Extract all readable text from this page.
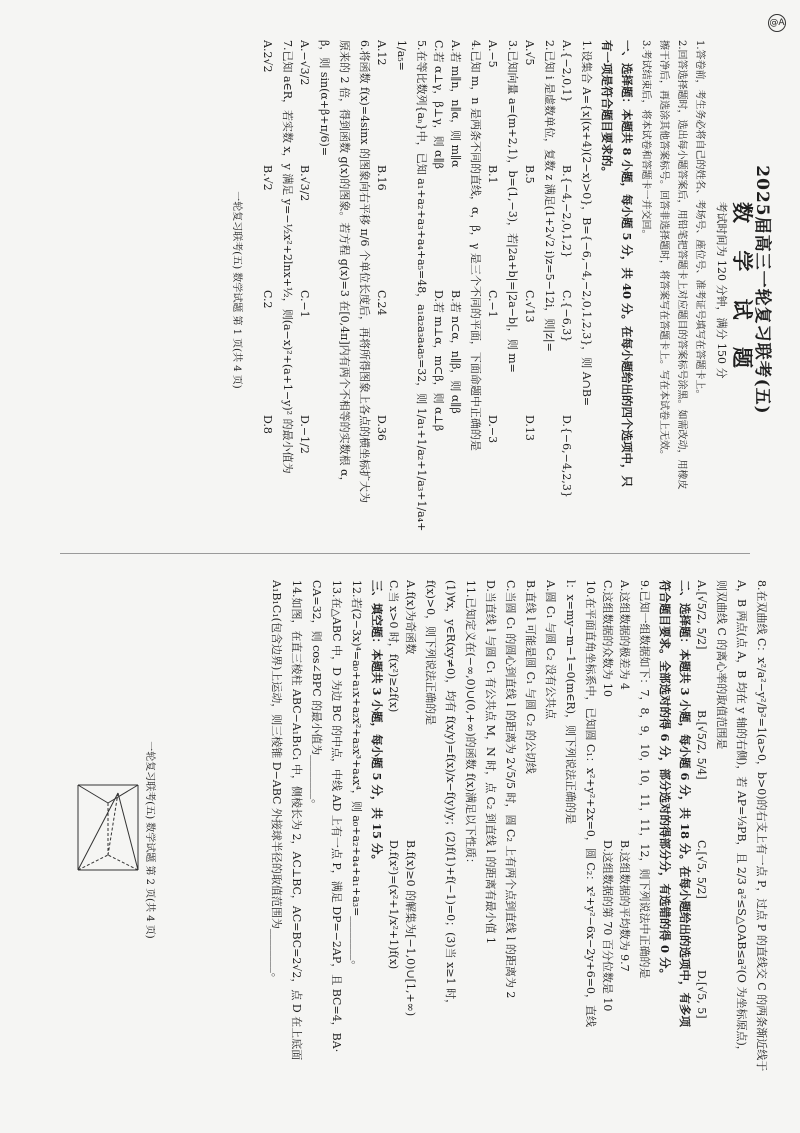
@A
2025届高三一轮复习联考(五)
数 学 试 题
考试时间为 120 分钟，满分 150 分

1.答卷前，考生务必将自己的姓名、考场号、座位号、准考证号填写在答题卡上。

2.回答选择题时，选出每小题答案后，用铅笔把答题卡上对应题目的答案标号涂黑。如需改动，用橡皮

擦干净后，再选涂其他答案标号。回答非选择题时，将答案写在答题卡上。写在本试卷上无效。

3.考试结束后，将本试卷和答题卡一并交回。

一、选择题：本题共 8 小题，每小题 5 分，共 40 分。在每小题给出的四个选项中，只

有一项是符合题目要求的。

1.设集合 A={x|(x+4)(2−x)>0}，B={−6,−4,−2,0,1,2,3}，则 A∩B=

A.{−2,0,1}
B.{−4,−2,0,1,2}
C.{−6,3}
D.{−6,−4,2,3}

2.已知 i 是虚数单位，复数 z 满足(1+2√2 i)z=5−12i，则|z|=

A.√5
B.5
C.√13
D.13

3.已知向量 a=(m+2,1)，b=(1,−3)，若|2a+b|=|2a−b|，则 m=

A.−5
B.1
C.−1
D.−3

4.已知 m，n 是两条不同的直线，α，β，γ 是三个不同的平面，下面命题中正确的是

A.若 m∥n，n∥α，则 m∥α
B.若 n⊂α，n∥β，则 α∥β
C.若 α⊥γ，β⊥γ，则 α∥β
D.若 m⊥α，m⊂β，则 α⊥β

5.在等比数列{aₙ}中，已知 a₁+a₂+a₃+a₄+a₅=48，a₁a₂a₃a₄a₅=32，则 1/a₁+1/a₂+1/a₃+1/a₄+

1/a₅=

A.12
B.16
C.24
D.36

6.将函数 f(x)=4sinx 的图象向右平移 π/6 个单位长度后，再将所得图象上各点的横坐标扩大为

原来的 2 倍，得到函数 g(x)的图象。若方程 g(x)=3 在[0,4π]内有两个不相等的实数根 α，

β，则 sin(α+β+π/6)=

A.−√3/2
B.√3/2
C.−1
D.−1/2

7.已知 a∈R，若实数 x，y 满足 y=−½x²+2lnx+½，则(a−x)²+(a+1−y)² 的最小值为

A.2√2
B.√2
C.2
D.8

一轮复习联考(五) 数学试题 第 1 页(共 4 页)

8.在双曲线 C：x²/a²−y²/b²=1(a>0，b>0)的右支上有一点 P，过点 P 的直线交 C 的两条渐近线于

A，B 两点(点 A，B 均在 y 轴的右侧)，若 AP=⅓PB，且 2/3 a²≤S△OAB≤a²(O 为坐标原点)，

则双曲线 C 的离心率的取值范围是

A.[√5/2, 5/2]
B.[√5/2, 5/4]
C.[√5, 5/2]
D.[√5, 5]

二、选择题：本题共 3 小题，每小题 6 分，共 18 分。在每小题给出的选项中，有多项

符合题目要求。全部选对的得 6 分，部分选对的得部分分，有选错的得 0 分。

9.已知一组数据如下：7，8，9，10，10，11，11，12，则下列说法中正确的是

A.这组数据的极差为 4
B.这组数据的平均数为 9.7
C.这组数据的众数为 10
D.这组数据的第 70 百分位数是 10

10.在平面直角坐标系中，已知圆 C₁：x²+y²+2x=0，圆 C₂：x²+y²−6x−2y+6=0，直线

l：x=my−m−1=0(m∈R)，则下列说法正确的是

A.圆 C₁ 与圆 C₂ 没有公共点

B.直线 l 可能是圆 C₁ 与圆 C₂ 的公切线

C.当圆 C₁ 的圆心到直线 l 的距离为 2√5/5 时，圆 C₂ 上有两个点到直线 l 的距离为 2

D.当直线 l 与圆 C₁ 有公共点 M，N 时，点 C₂ 到直线 l 的距离有最小值 1

11.已知定义在(−∞,0)∪(0,+∞)的函数 f(x)满足以下性质：

(1)∀x，y∈R(xy≠0)，均有 f(x/y)=f(x)/x−f(y)/y；(2)f(1)+f(−1)=0；(3)当 x≥1 时，

f(x)>0，则下列说法正确的是

A.f(x)为奇函数
B.f(x)≥0 的解集为[−1,0)∪[1,+∞)
C.当 x>0 时，f(x²)≥2f(x)
D.f(x²)=(x²+1/x²+1)f(x)

三、填空题：本题共 3 小题，每小题 5 分，共 15 分。

12.若(2−3x)⁴=a₀+a₁x+a₂x²+a₃x³+a₄x⁴，则 a₀+a₂+a₄+a₁+a₃=________。

13.在△ABC 中，D 为边 BC 的中点，中线 AD 上有一点 P，满足 DP=−2AP，且 BC=4，BA·

CA=32，则 cos∠BPC 的最小值为________。

14.如图，在直三棱柱 ABC−A₁B₁C₁ 中，侧棱长为 2，AC⊥BC，AC=BC=2√2，点 D 在上底面

A₁B₁C₁(包含边界)上运动，则三棱锥 D−ABC 外接球半径的取值范围为________。

一轮复习联考(五) 数学试题 第 2 页(共 4 页)
